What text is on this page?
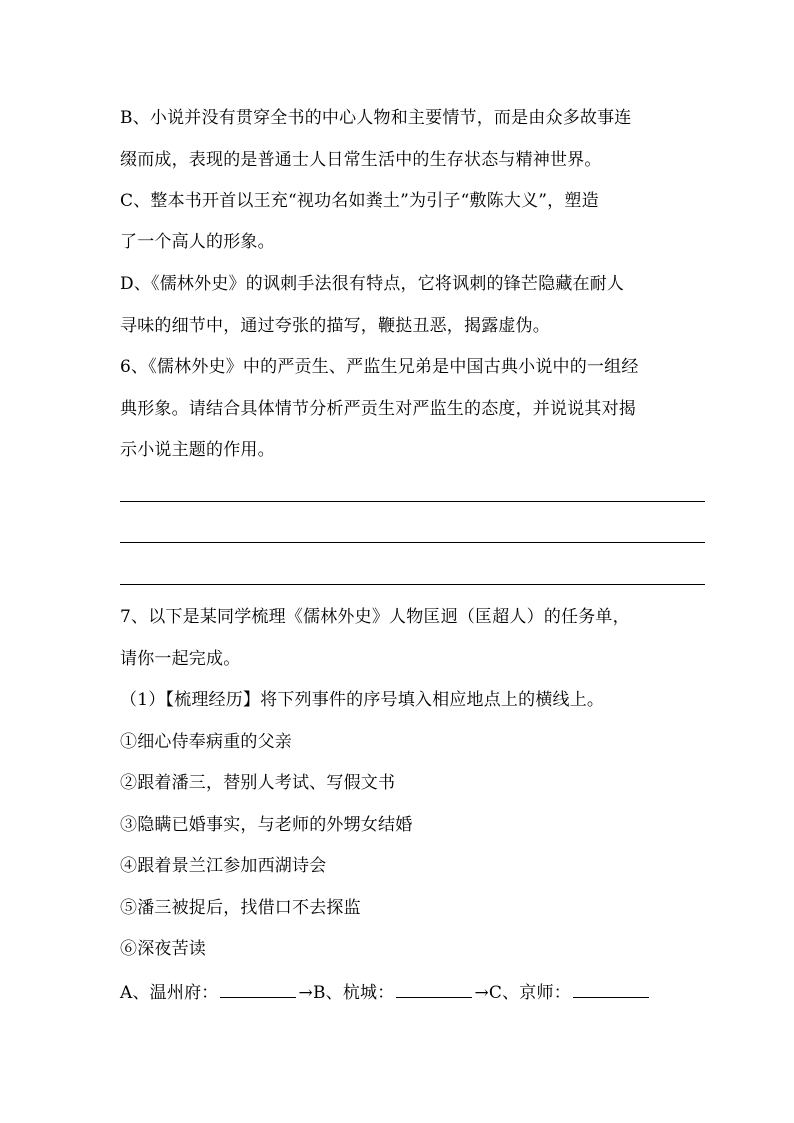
B、小说并没有贯穿全书的中心人物和主要情节，而是由众多故事连
缀而成，表现的是普通士人日常生活中的生存状态与精神世界。
C、整本书开首以王充“视功名如粪土”为引子“敷陈大义”，塑造
了一个高人的形象。
D、《儒林外史》的讽刺手法很有特点，它将讽刺的锋芒隐藏在耐人
寻味的细节中，通过夸张的描写，鞭挞丑恶，揭露虚伪。
6、《儒林外史》中的严贡生、严监生兄弟是中国古典小说中的一组经
典形象。请结合具体情节分析严贡生对严监生的态度，并说说其对揭
示小说主题的作用。
7、以下是某同学梳理《儒林外史》人物匡迥（匡超人）的任务单，
请你一起完成。
（1）【梳理经历】将下列事件的序号填入相应地点上的横线上。
①细心侍奉病重的父亲
②跟着潘三，替别人考试、写假文书
③隐瞒已婚事实，与老师的外甥女结婚
④跟着景兰江参加西湖诗会
⑤潘三被捉后，找借口不去探监
⑥深夜苦读
A、温州府：	→B、杭城：	→C、京师：
